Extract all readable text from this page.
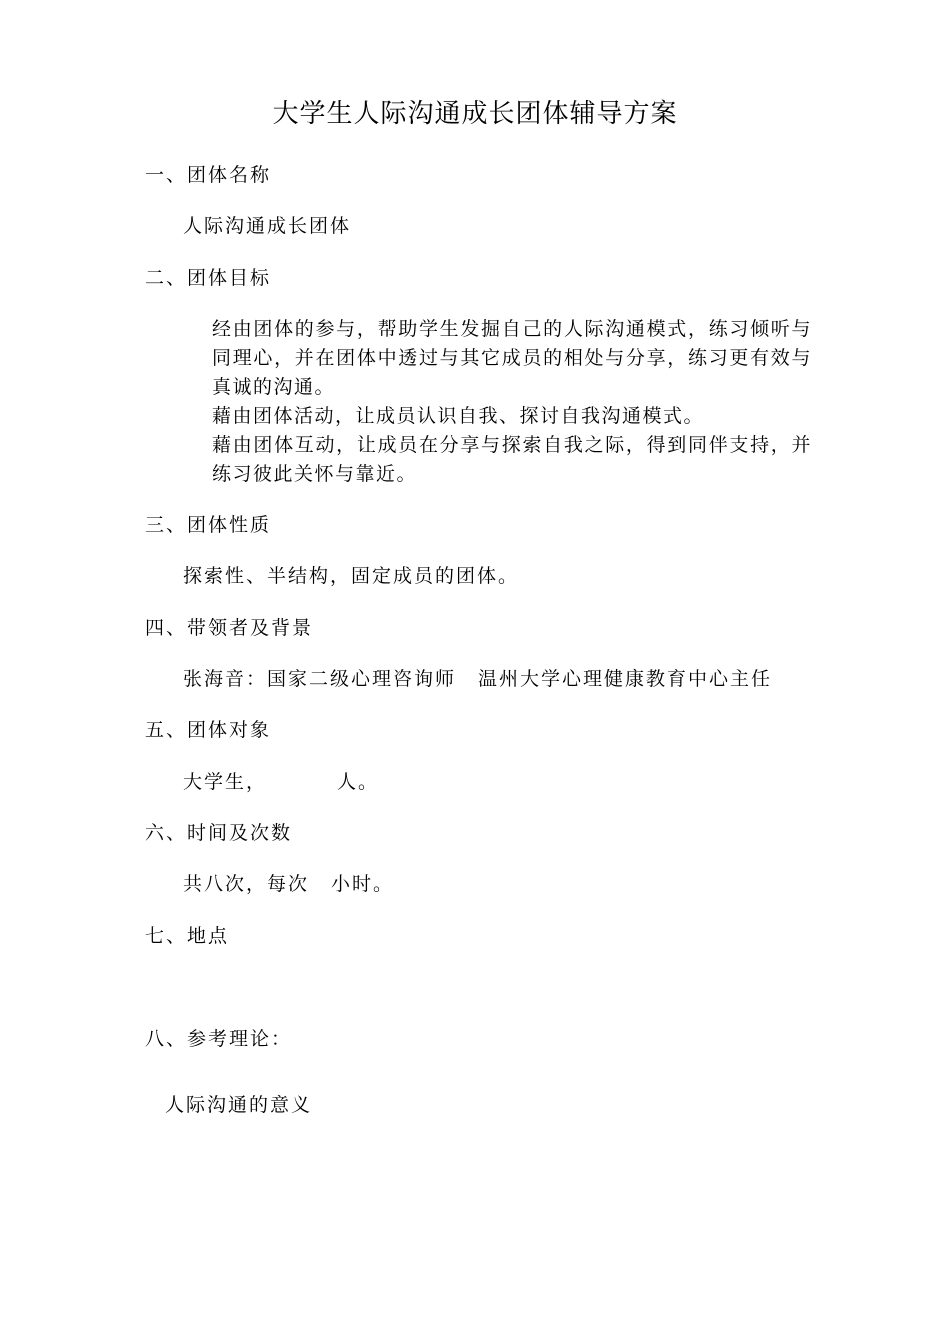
大学生人际沟通成长团体辅导方案
一、团体名称

人际沟通成长团体

二、团体目标
经由团体的参与，帮助学生发掘自己的人际沟通模式，练习倾听与同理心，并在团体中透过与其它成员的相处与分享，练习更有效与真诚的沟通。
藉由团体活动，让成员认识自我、探讨自我沟通模式。
藉由团体互动，让成员在分享与探索自我之际，得到同伴支持，并练习彼此关怀与靠近。
三、团体性质

探索性、半结构，固定成员的团体。

四、带领者及背景

张海音：国家二级心理咨询师 温州大学心理健康教育中心主任

五、团体对象

大学生，	人。

六、时间及次数

共八次，每次 小时。

七、地点
八、参考理论：

人际沟通的意义
